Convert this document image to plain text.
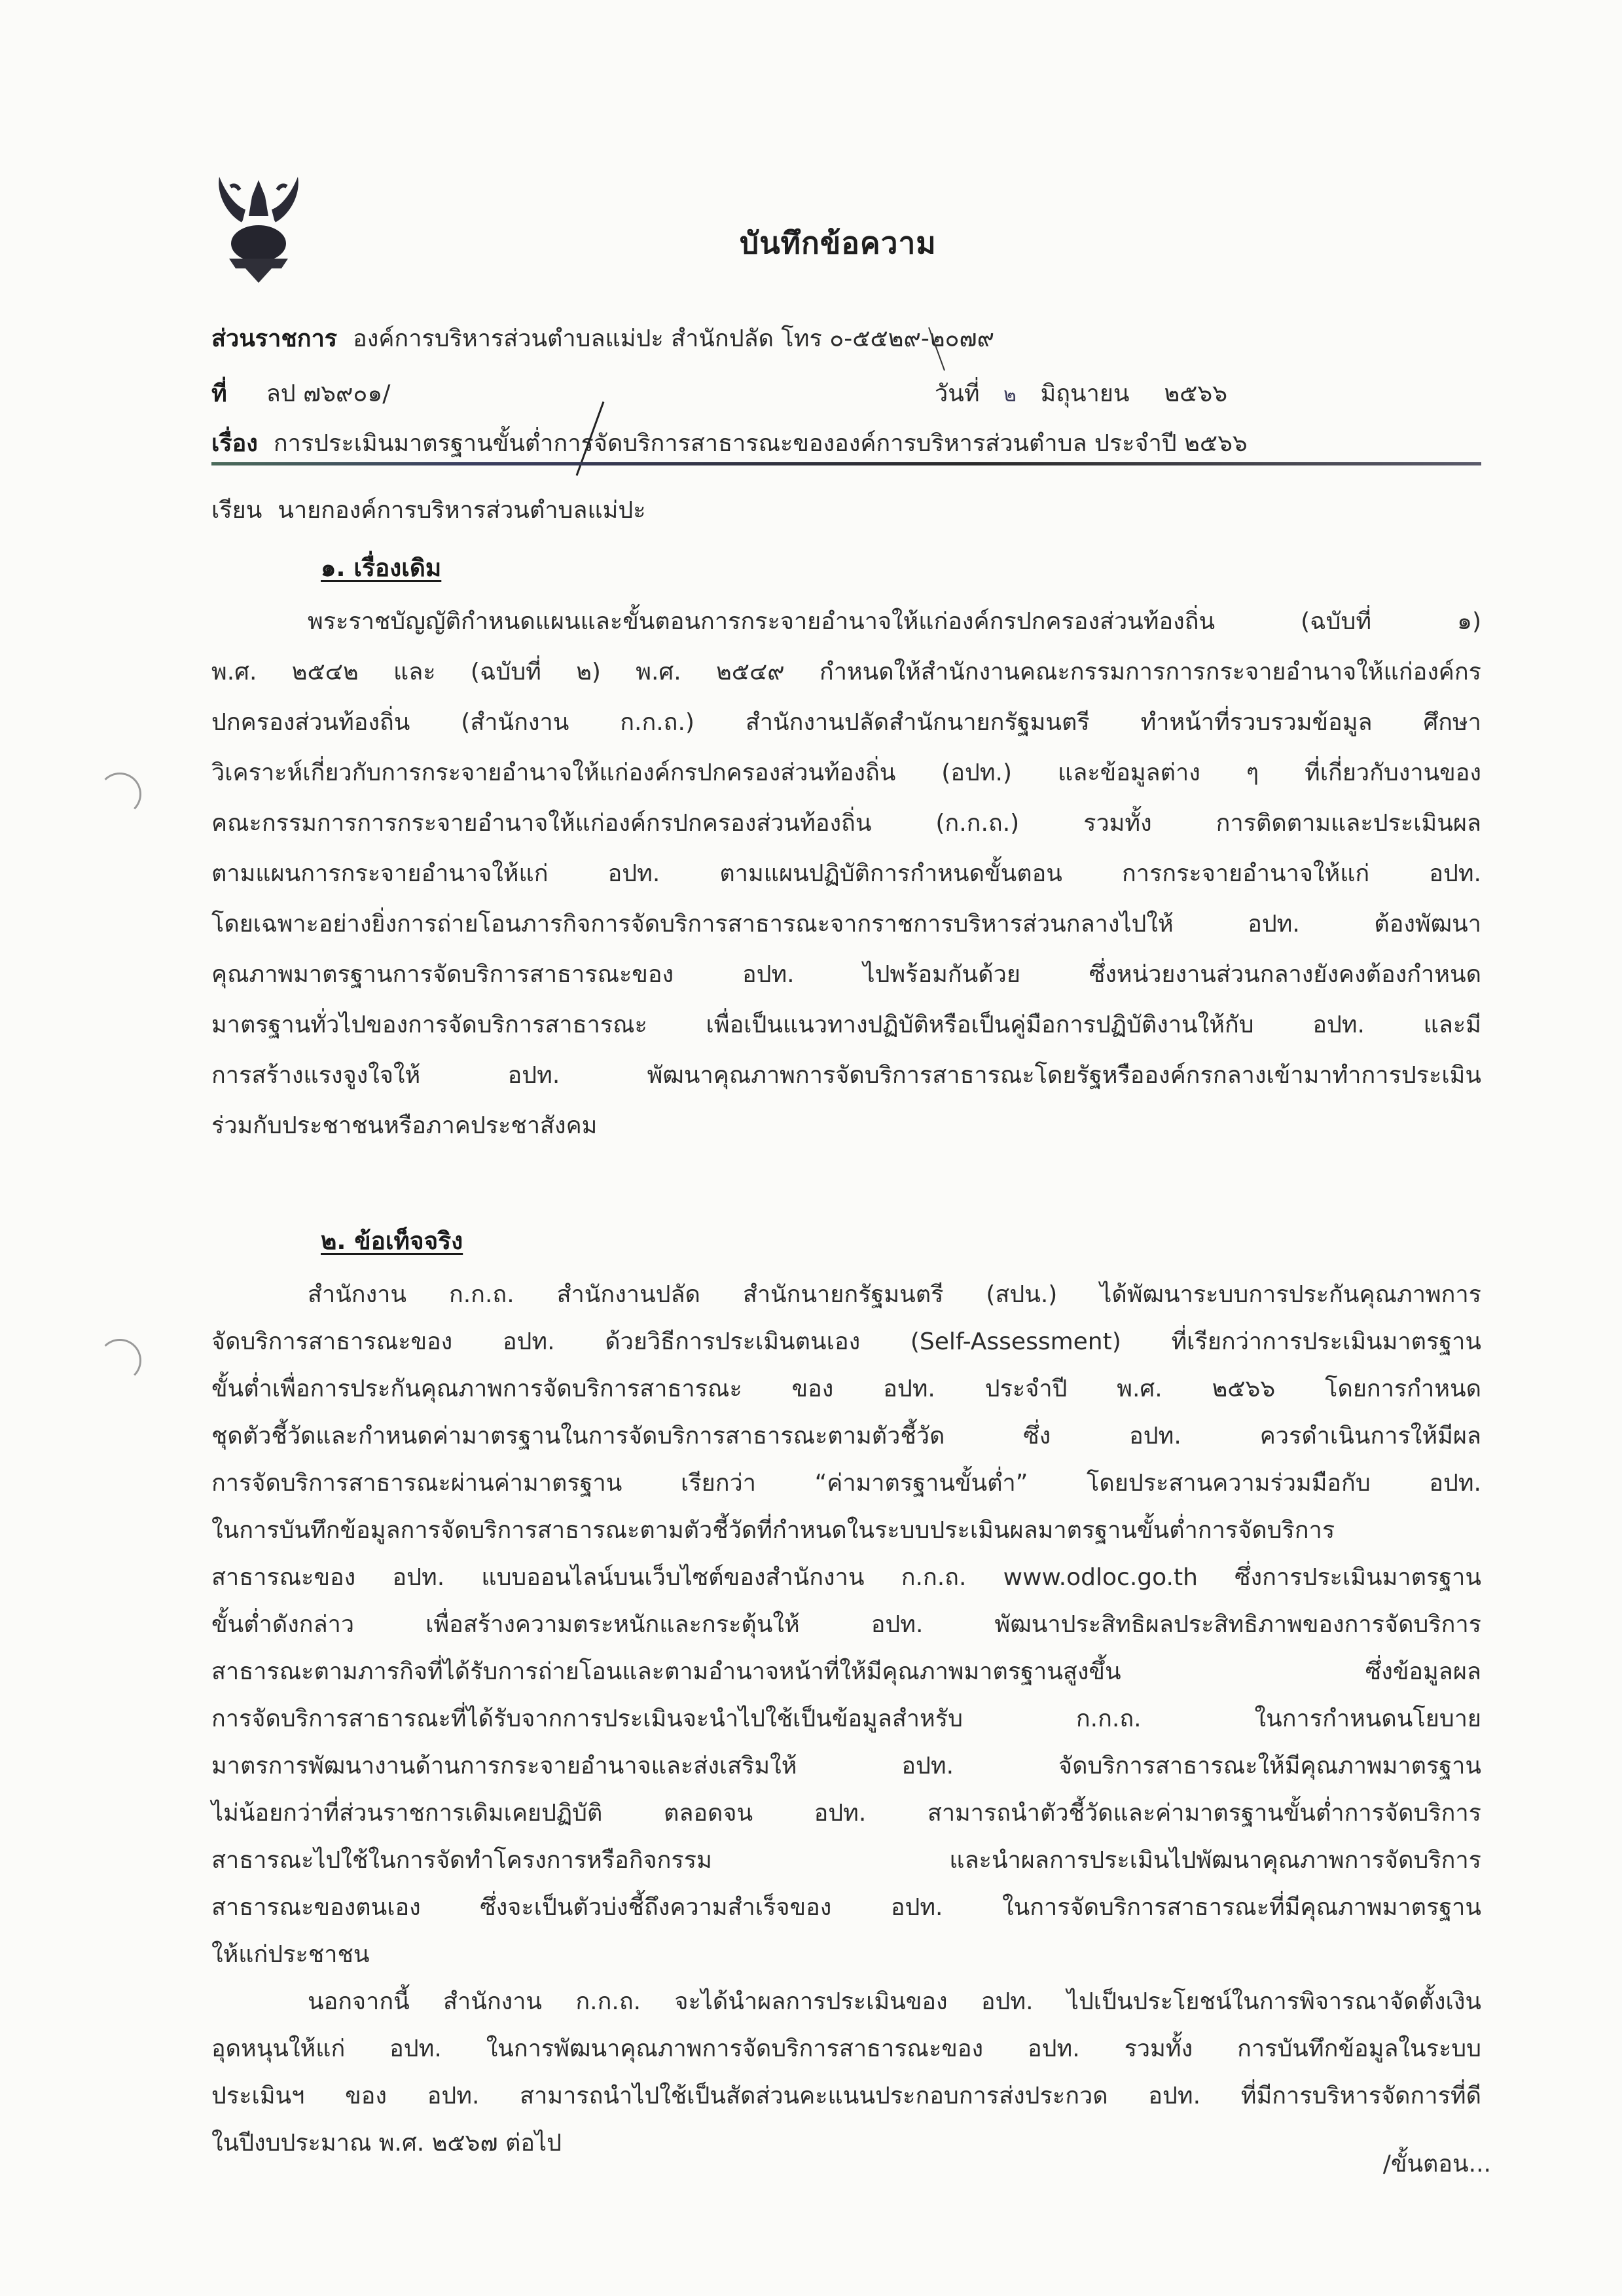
บันทึกข้อความ
ส่วนราชการ องค์การบริหารส่วนตำบลแม่ปะ สำนักปลัด โทร ๐-๕๕๒๙-๒๐๗๙
ที่ ลป ๗๖๙๐๑/	วันที่ ๒ มิถุนายน ๒๕๖๖
เรื่อง การประเมินมาตรฐานขั้นต่ำการจัดบริการสาธารณะขององค์การบริหารส่วนตำบล ประจำปี ๒๕๖๖
เรียน นายกองค์การบริหารส่วนตำบลแม่ปะ
๑. เรื่องเดิม
พระราชบัญญัติกำหนดแผนและขั้นตอนการกระจายอำนาจให้แก่องค์กรปกครองส่วนท้องถิ่น (ฉบับที่ ๑)
พ.ศ. ๒๕๔๒ และ (ฉบับที่ ๒) พ.ศ. ๒๕๔๙ กำหนดให้สำนักงานคณะกรรมการการกระจายอำนาจให้แก่องค์กร
ปกครองส่วนท้องถิ่น (สำนักงาน ก.ก.ถ.) สำนักงานปลัดสำนักนายกรัฐมนตรี ทำหน้าที่รวบรวมข้อมูล ศึกษา
วิเคราะห์เกี่ยวกับการกระจายอำนาจให้แก่องค์กรปกครองส่วนท้องถิ่น (อปท.) และข้อมูลต่าง ๆ ที่เกี่ยวกับงานของ
คณะกรรมการการกระจายอำนาจให้แก่องค์กรปกครองส่วนท้องถิ่น (ก.ก.ถ.) รวมทั้ง การติดตามและประเมินผล
ตามแผนการกระจายอำนาจให้แก่ อปท. ตามแผนปฏิบัติการกำหนดขั้นตอน การกระจายอำนาจให้แก่ อปท.
โดยเฉพาะอย่างยิ่งการถ่ายโอนภารกิจการจัดบริการสาธารณะจากราชการบริหารส่วนกลางไปให้ อปท. ต้องพัฒนา
คุณภาพมาตรฐานการจัดบริการสาธารณะของ อปท. ไปพร้อมกันด้วย ซึ่งหน่วยงานส่วนกลางยังคงต้องกำหนด
มาตรฐานทั่วไปของการจัดบริการสาธารณะ เพื่อเป็นแนวทางปฏิบัติหรือเป็นคู่มือการปฏิบัติงานให้กับ อปท. และมี
การสร้างแรงจูงใจให้ อปท. พัฒนาคุณภาพการจัดบริการสาธารณะโดยรัฐหรือองค์กรกลางเข้ามาทำการประเมิน
ร่วมกับประชาชนหรือภาคประชาสังคม
๒. ข้อเท็จจริง
สำนักงาน ก.ก.ถ. สำนักงานปลัด สำนักนายกรัฐมนตรี (สปน.) ได้พัฒนาระบบการประกันคุณภาพการ
จัดบริการสาธารณะของ อปท. ด้วยวิธีการประเมินตนเอง (Self-Assessment) ที่เรียกว่าการประเมินมาตรฐาน
ขั้นต่ำเพื่อการประกันคุณภาพการจัดบริการสาธารณะ ของ อปท. ประจำปี พ.ศ. ๒๕๖๖ โดยการกำหนด
ชุดตัวชี้วัดและกำหนดค่ามาตรฐานในการจัดบริการสาธารณะตามตัวชี้วัด ซึ่ง อปท. ควรดำเนินการให้มีผล
การจัดบริการสาธารณะผ่านค่ามาตรฐาน เรียกว่า “ค่ามาตรฐานขั้นต่ำ” โดยประสานความร่วมมือกับ อปท.
ในการบันทึกข้อมูลการจัดบริการสาธารณะตามตัวชี้วัดที่กำหนดในระบบประเมินผลมาตรฐานขั้นต่ำการจัดบริการ
สาธารณะของ อปท. แบบออนไลน์บนเว็บไซต์ของสำนักงาน ก.ก.ถ. www.odloc.go.th ซึ่งการประเมินมาตรฐาน
ขั้นต่ำดังกล่าว เพื่อสร้างความตระหนักและกระตุ้นให้ อปท. พัฒนาประสิทธิผลประสิทธิภาพของการจัดบริการ
สาธารณะตามภารกิจที่ได้รับการถ่ายโอนและตามอำนาจหน้าที่ให้มีคุณภาพมาตรฐานสูงขึ้น ซึ่งข้อมูลผล
การจัดบริการสาธารณะที่ได้รับจากการประเมินจะนำไปใช้เป็นข้อมูลสำหรับ ก.ก.ถ. ในการกำหนดนโยบาย
มาตรการพัฒนางานด้านการกระจายอำนาจและส่งเสริมให้ อปท. จัดบริการสาธารณะให้มีคุณภาพมาตรฐาน
ไม่น้อยกว่าที่ส่วนราชการเดิมเคยปฏิบัติ ตลอดจน อปท. สามารถนำตัวชี้วัดและค่ามาตรฐานขั้นต่ำการจัดบริการ
สาธารณะไปใช้ในการจัดทำโครงการหรือกิจกรรม และนำผลการประเมินไปพัฒนาคุณภาพการจัดบริการ
สาธารณะของตนเอง ซึ่งจะเป็นตัวบ่งชี้ถึงความสำเร็จของ อปท. ในการจัดบริการสาธารณะที่มีคุณภาพมาตรฐาน
ให้แก่ประชาชน
/ขั้นตอน...
นอกจากนี้ สำนักงาน ก.ก.ถ. จะได้นำผลการประเมินของ อปท. ไปเป็นประโยชน์ในการพิจารณาจัดตั้งเงิน
อุดหนุนให้แก่ อปท. ในการพัฒนาคุณภาพการจัดบริการสาธารณะของ อปท. รวมทั้ง การบันทึกข้อมูลในระบบ
ประเมินฯ ของ อปท. สามารถนำไปใช้เป็นสัดส่วนคะแนนประกอบการส่งประกวด อปท. ที่มีการบริหารจัดการที่ดี
ในปีงบประมาณ พ.ศ. ๒๕๖๗ ต่อไป
